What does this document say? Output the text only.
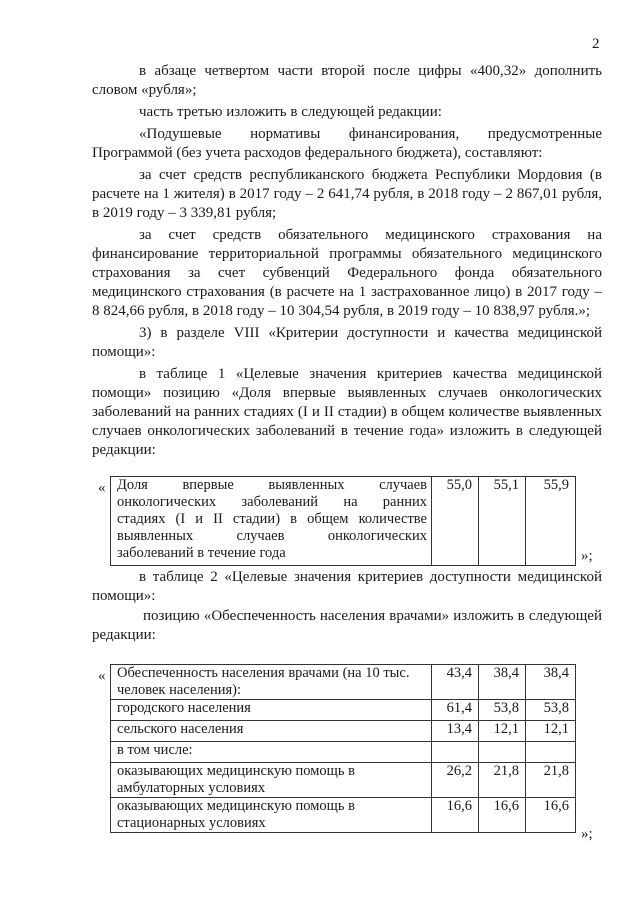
2
в абзаце четвертом части второй после цифры «400,32» дополнить
словом «рубля»;
часть третью изложить в следующей редакции:
«Подушевые нормативы финансирования, предусмотренные
Программой (без учета расходов федерального бюджета), составляют:
за счет средств республиканского бюджета Республики Мордовия (в
расчете на 1 жителя) в 2017 году – 2 641,74 рубля, в 2018 году – 2 867,01 рубля,
в 2019 году – 3 339,81 рубля;
за счет средств обязательного медицинского страхования на
финансирование территориальной программы обязательного медицинского
страхования за счет субвенций Федерального фонда обязательного
медицинского страхования (в расчете на 1 застрахованное лицо) в 2017 году –
8 824,66 рубля, в 2018 году – 10 304,54 рубля, в 2019 году – 10 838,97 рубля.»;
3) в разделе VIII «Критерии доступности и качества медицинской
помощи»:
в таблице 1 «Целевые значения критериев качества медицинской
помощи» позицию «Доля впервые выявленных случаев онкологических
заболеваний на ранних стадиях (I и II стадии) в общем количестве выявленных
случаев онкологических заболеваний в течение года» изложить в следующей
редакции:
« Доля впервые выявленных случаев
онкологических заболеваний на ранних
стадиях (I и II стадии) в общем количестве
выявленных случаев онкологических
заболеваний в течение года
	55,0	55,1	55,9
»;
в таблице 2 «Целевые значения критериев доступности медицинской
помощи»:
позицию «Обеспеченность населения врачами» изложить в следующей
редакции:
« Обеспеченность населения врачами (на 10 тыс.
человек населения):	43,4	38,4	38,4

городского населения	61,4	53,8	53,8

сельского населения	13,4	12,1	12,1

в том числе:			

оказывающих медицинскую помощь в
амбулаторных условиях	26,2	21,8	21,8

оказывающих медицинскую помощь в
стационарных условиях	16,6	16,6	16,6
»;
